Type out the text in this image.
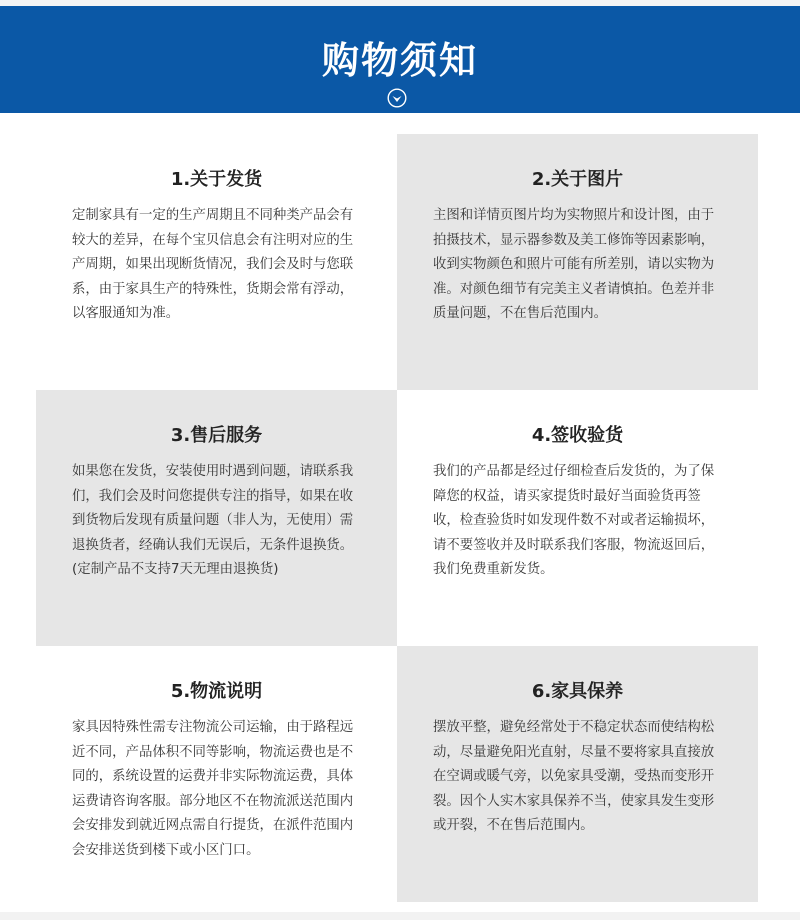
购物须知
1.关于发货

定制家具有一定的生产周期且不同种类产品会有较大的差异，在每个宝贝信息会有注明对应的生产周期，如果出现断货情况，我们会及时与您联系，由于家具生产的特殊性，货期会常有浮动，以客服通知为准。

2.关于图片

主图和详情页图片均为实物照片和设计图，由于拍摄技术，显示器参数及美工修饰等因素影响，收到实物颜色和照片可能有所差别，请以实物为准。对颜色细节有完美主义者请慎拍。色差并非质量问题，不在售后范围内。

3.售后服务

如果您在发货，安装使用时遇到问题，请联系我们，我们会及时问您提供专注的指导，如果在收到货物后发现有质量问题（非人为，无使用）需退换货者，经确认我们无误后，无条件退换货。(定制产品不支持7天无理由退换货)

4.签收验货

我们的产品都是经过仔细检查后发货的，为了保障您的权益，请买家提货时最好当面验货再签收，检查验货时如发现件数不对或者运输损坏，请不要签收并及时联系我们客服，物流返回后，我们免费重新发货。

5.物流说明

家具因特殊性需专注物流公司运输，由于路程远近不同，产品体积不同等影响，物流运费也是不同的，系统设置的运费并非实际物流运费，具体运费请咨询客服。部分地区不在物流派送范围内会安排发到就近网点需自行提货，在派件范围内会安排送货到楼下或小区门口。

6.家具保养

摆放平整，避免经常处于不稳定状态而使结构松动，尽量避免阳光直射，尽量不要将家具直接放在空调或暖气旁，以免家具受潮，受热而变形开裂。因个人实木家具保养不当，使家具发生变形或开裂，不在售后范围内。
